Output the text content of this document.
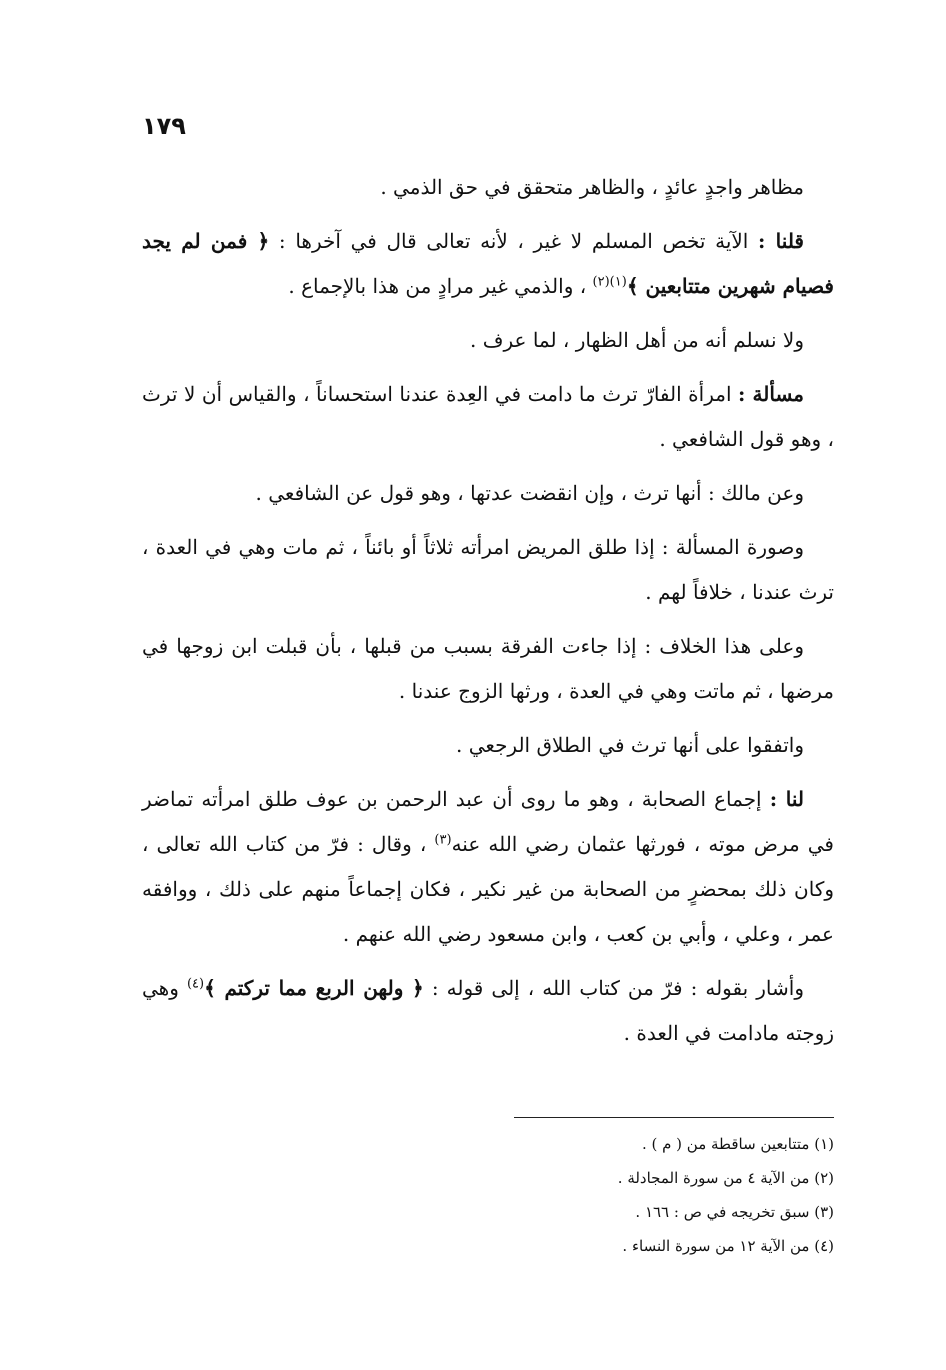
١٧٩

مظاهر واجدٍ عائدٍ ، والظاهر متحقق في حق الذمي .

قلنا : الآية تخص المسلم لا غير ، لأنه تعالى قال في آخرها : ﴿ فمن لم يجد فصيام شهرين متتابعين ﴾$^{(١)(٢)}$ ، والذمي غير مرادٍ من هذا بالإجماع .

ولا نسلم أنه من أهل الظهار ، لما عرف .

مسألة : امرأة الفارّ ترث ما دامت في العِدة عندنا استحساناً ، والقياس أن لا ترث ، وهو قول الشافعي .

وعن مالك : أنها ترث ، وإن انقضت عدتها ، وهو قول عن الشافعي .

وصورة المسألة : إذا طلق المريض امرأته ثلاثاً أو بائناً ، ثم مات وهي في العدة ، ترث عندنا ، خلافاً لهم .

وعلى هذا الخلاف : إذا جاءت الفرقة بسبب من قبلها ، بأن قبلت ابن زوجها في مرضها ، ثم ماتت وهي في العدة ، ورثها الزوج عندنا .

واتفقوا على أنها ترث في الطلاق الرجعي .

لنا : إجماع الصحابة ، وهو ما روى أن عبد الرحمن بن عوف طلق امرأته تماضر في مرض موته ، فورثها عثمان رضي الله عنه$^{(٣)}$ ، وقال : فرّ من كتاب الله تعالى ، وكان ذلك بمحضرٍ من الصحابة من غير نكير ، فكان إجماعاً منهم على ذلك ، ووافقه عمر ، وعلي ، وأبي بن كعب ، وابن مسعود رضي الله عنهم .

وأشار بقوله : فرّ من كتاب الله ، إلى قوله : ﴿ ولهن الربع مما تركتم ﴾$^{(٤)}$ وهي زوجته مادامت في العدة .

(١) متتابعين ساقطة من ( م ) .
(٢) من الآية ٤ من سورة المجادلة .
(٣) سبق تخريجه في ص : ١٦٦ .
(٤) من الآية ١٢ من سورة النساء .
